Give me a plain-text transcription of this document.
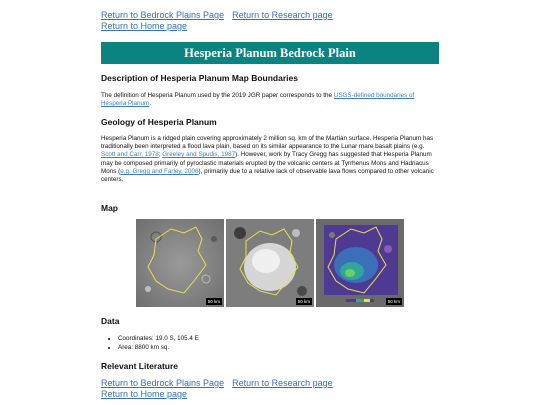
Return to Bedrock Plains Page Return to Research page
Return to Home page
Hesperia Planum Bedrock Plain
Description of Hesperia Planum Map Boundaries

The definition of Hesperia Planum used by the 2019 JGR paper corresponds to the USGS-defined boundaries of Hesperia Planum.

Geology of Hesperia Planum

Hesperia Planum is a ridged plain covering approximately 2 million sq. km of the Martian surface. Hesperia Planum has traditionally been interpreted a flood lava plain, based on its similar appearance to the Lunar mare basalt plains (e.g. Scott and Carr, 1978; Greeley and Spudis, 1987). However, work by Tracy Gregg has suggested that Hesperia Planum may be composed primarily of pyroclastic materials erupted by the volcanic centers at Tyrrhenus Mons and Hadriacus Mons (e.g. Gregg and Farley, 2006), primarily due to a relative lack of observable lava flows compared to other volcanic centers.

Map
50 km	50 km	50 km
Data
• Coordinates: 19.0 S, 105.4 E
• Area: 8800 km sq.
Relevant Literature
Return to Bedrock Plains Page Return to Research page
Return to Home page
